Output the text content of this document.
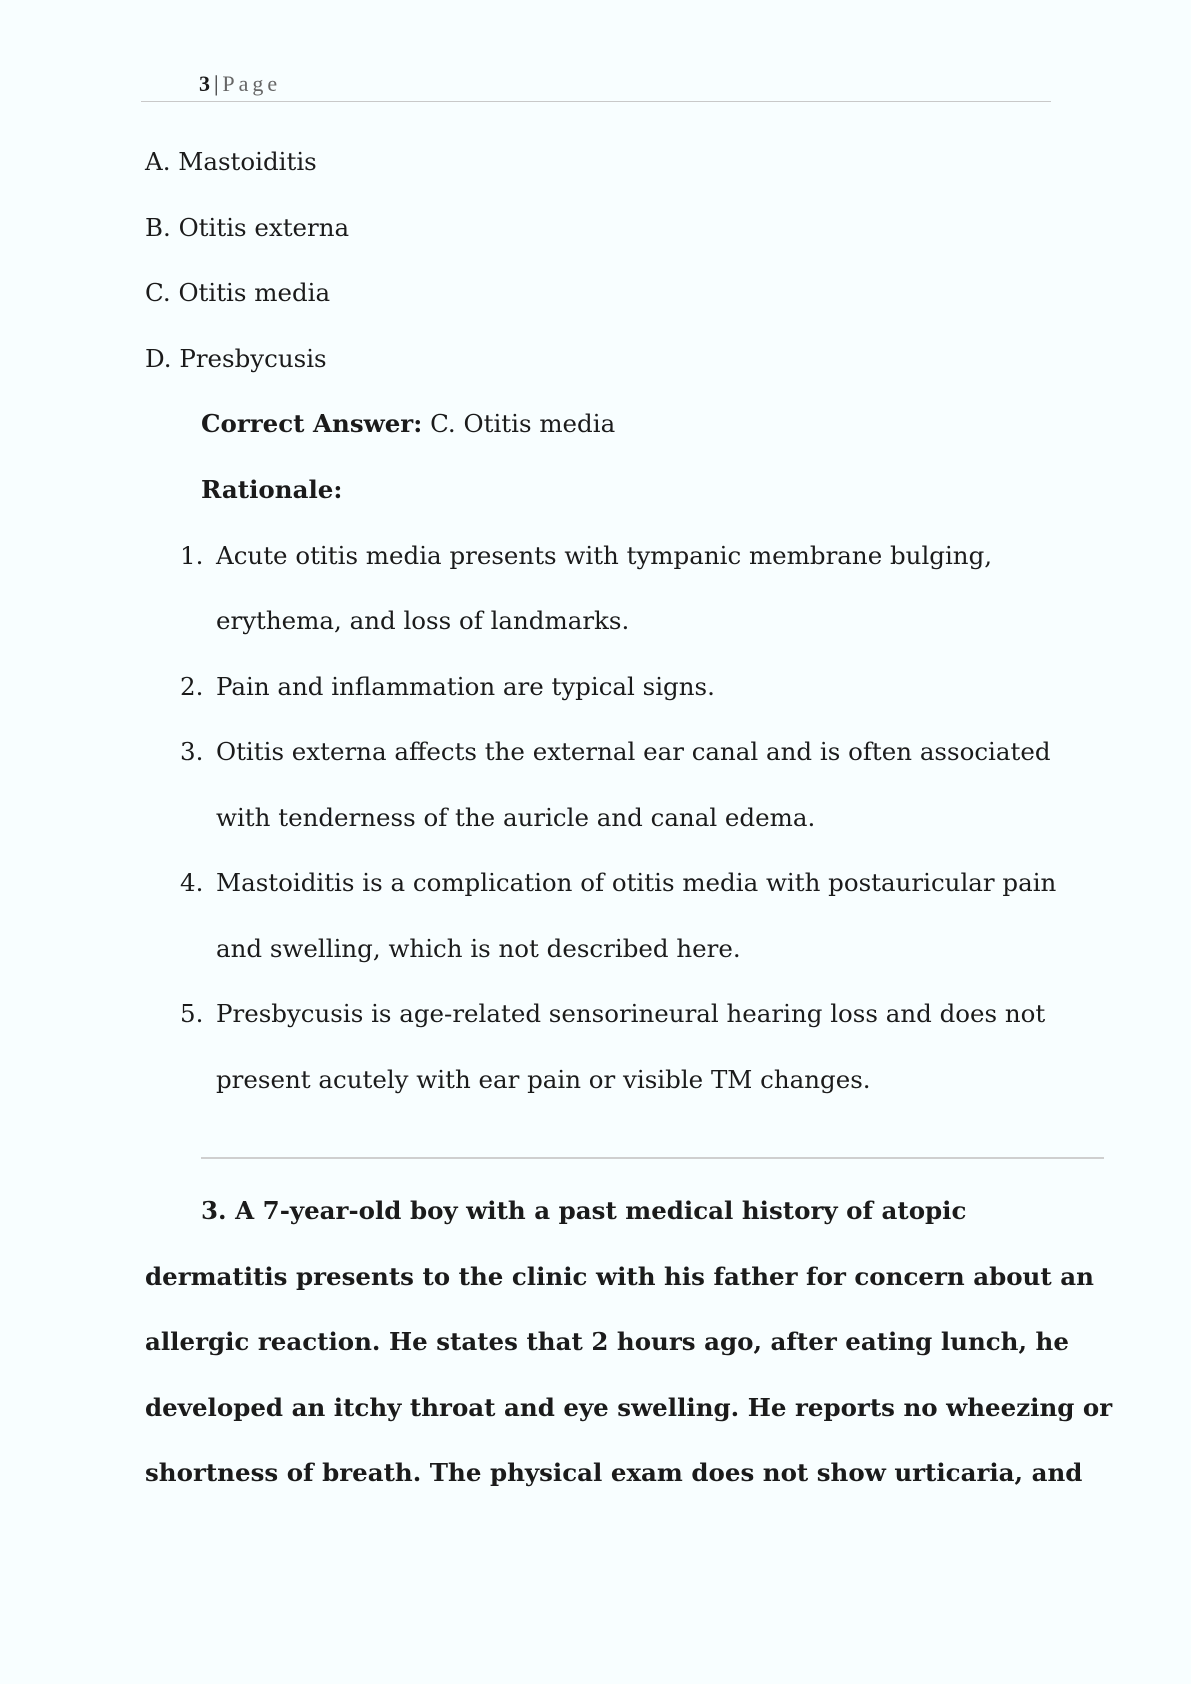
3 | Page
A. Mastoiditis
B. Otitis externa
C. Otitis media
D. Presbycusis
Correct Answer: C. Otitis media
Rationale:
1. Acute otitis media presents with tympanic membrane bulging,
erythema, and loss of landmarks.
2. Pain and inflammation are typical signs.
3. Otitis externa affects the external ear canal and is often associated
with tenderness of the auricle and canal edema.
4. Mastoiditis is a complication of otitis media with postauricular pain
and swelling, which is not described here.
5. Presbycusis is age-related sensorineural hearing loss and does not
present acutely with ear pain or visible TM changes.
3. A 7-year-old boy with a past medical history of atopic
dermatitis presents to the clinic with his father for concern about an
allergic reaction. He states that 2 hours ago, after eating lunch, he
developed an itchy throat and eye swelling. He reports no wheezing or
shortness of breath. The physical exam does not show urticaria, and
